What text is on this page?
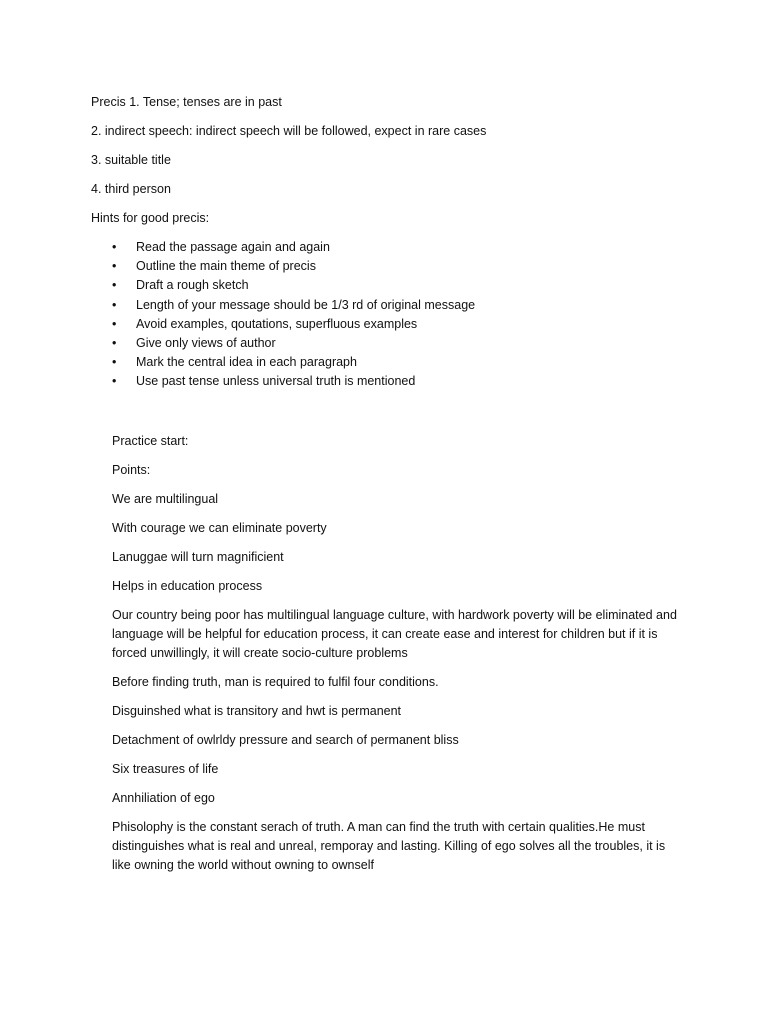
Precis 1. Tense; tenses are in past

2. indirect speech: indirect speech will be followed, expect in rare cases

3. suitable title

4. third person

Hints for good precis:

• Read the passage again and again
• Outline the main theme of precis
• Draft a rough sketch
• Length of your message should be 1/3 rd of original message
• Avoid examples, qoutations, superfluous examples
• Give only views of author
• Mark the central idea in each paragraph
• Use past tense unless universal truth is mentioned

Practice start:

Points:

We are multilingual

With courage we can eliminate poverty

Lanuggae will turn magnificient

Helps in education process

Our country being poor has multilingual language culture, with hardwork poverty will be eliminated and language will be helpful for education process, it can create ease and interest for children but if it is forced unwillingly, it will create socio-culture problems

Before finding truth, man is required to fulfil four conditions.

Disguinshed what is transitory and hwt is permanent

Detachment of owlrldy pressure and search of permanent bliss

Six treasures of life

Annhiliation of ego

Phisolophy is the constant serach of truth. A man can find the truth with certain qualities.He must distinguishes what is real and unreal, remporay and lasting. Killing of ego solves all the troubles, it is like owning the world without owning to ownself
